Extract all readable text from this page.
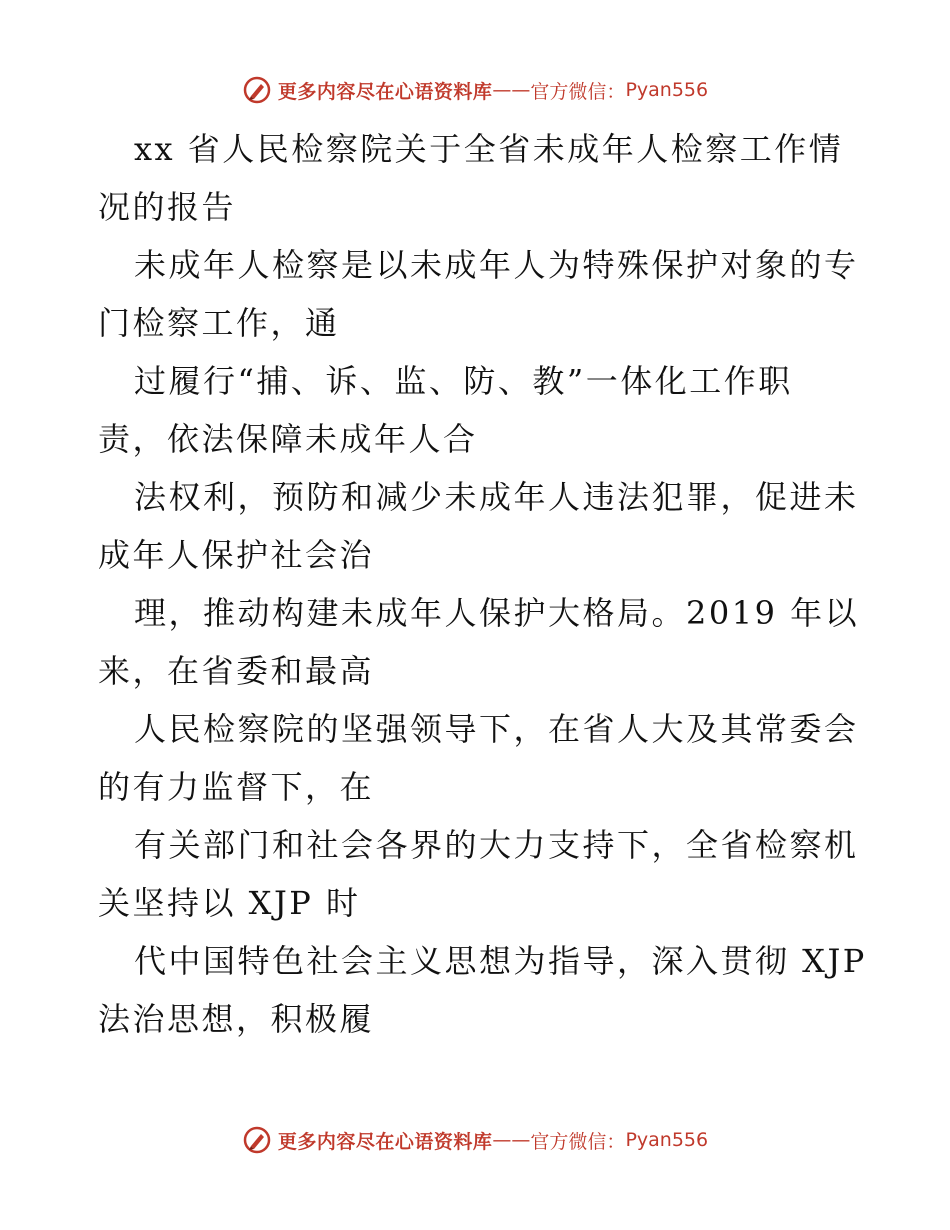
更多内容尽在心语资料库 —— 官方微信： Pyan556
xx 省人民检察院关于全省未成年人检察工作情
况的报告
未成年人检察是以未成年人为特殊保护对象的专
门检察工作，通
过履行“捕、诉、监、防、教”一体化工作职
责，依法保障未成年人合
法权利，预防和减少未成年人违法犯罪，促进未
成年人保护社会治
理，推动构建未成年人保护大格局。2019 年以
来，在省委和最高
人民检察院的坚强领导下，在省人大及其常委会
的有力监督下，在
有关部门和社会各界的大力支持下，全省检察机
关坚持以 XJP 时
代中国特色社会主义思想为指导，深入贯彻 XJP
法治思想，积极履
更多内容尽在心语资料库 —— 官方微信： Pyan556
